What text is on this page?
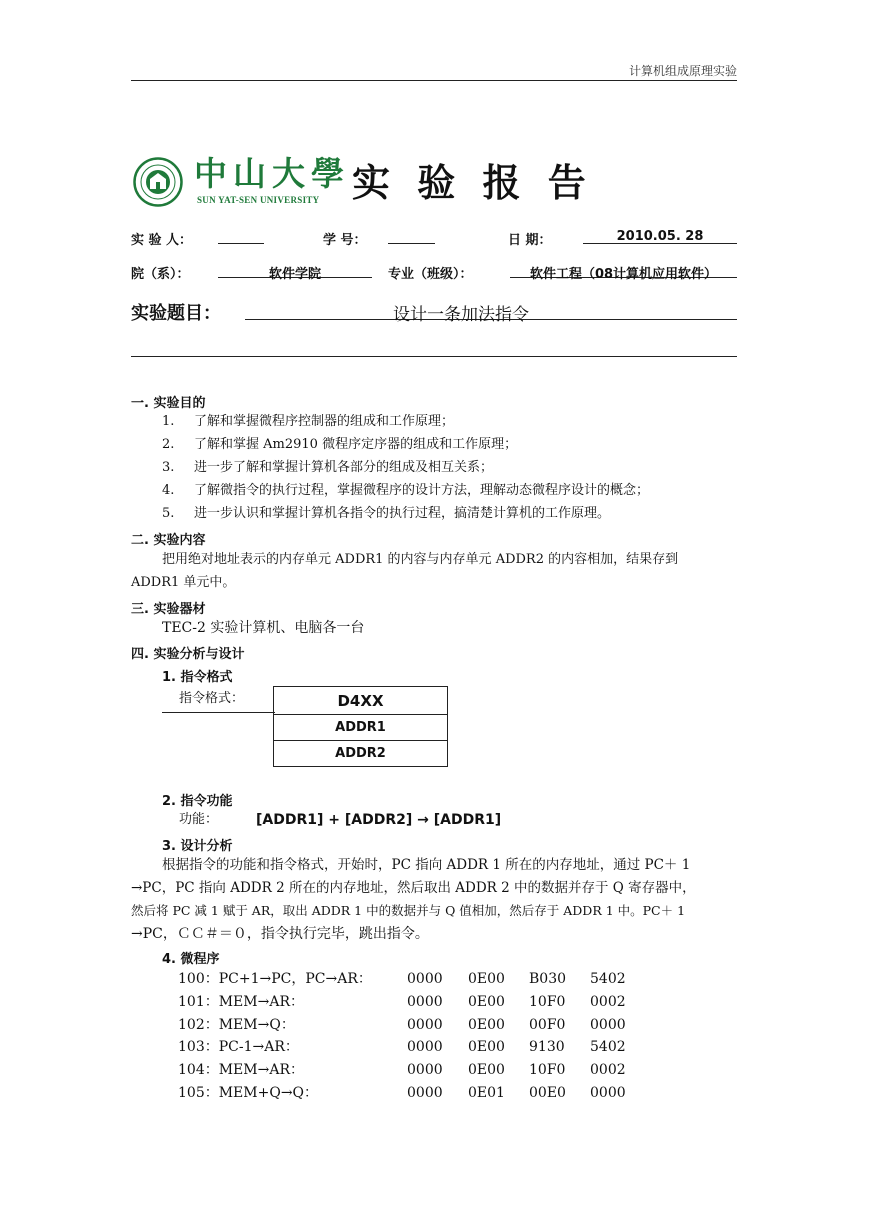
计算机组成原理实验
中山大學
SUN YAT-SEN UNIVERSITY 实 验 报 告
实 验 人：	学 号：	日 期：	2010.05. 28
院（系）：	软件学院	专业（班级）：	软件工程（08计算机应用软件）
实验题目：	设计一条加法指令
一. 实验目的
1. 了解和掌握微程序控制器的组成和工作原理；
2. 了解和掌握 Am2910 微程序定序器的组成和工作原理；
3. 进一步了解和掌握计算机各部分的组成及相互关系；
4. 了解微指令的执行过程，掌握微程序的设计方法，理解动态微程序设计的概念；
5. 进一步认识和掌握计算机各指令的执行过程，搞清楚计算机的工作原理。
二. 实验内容
把用绝对地址表示的内存单元 ADDR1 的内容与内存单元 ADDR2 的内容相加，结果存到
ADDR1 单元中。
三. 实验器材
TEC-2 实验计算机、电脑各一台
四. 实验分析与设计
1. 指令格式
指令格式：	D4XX
ADDR1
ADDR2
2. 指令功能
功能：	[ADDR1] + [ADDR2] → [ADDR1]
3. 设计分析
根据指令的功能和指令格式，开始时，PC 指向 ADDR 1 所在的内存地址，通过 PC＋ 1
→PC，PC 指向 ADDR 2 所在的内存地址，然后取出 ADDR 2 中的数据并存于 Q 寄存器中，
然后将 PC 减 1 赋于 AR，取出 ADDR 1 中的数据并与 Q 值相加，然后存于 ADDR 1 中。PC＋ 1
→PC，ＣＣ＃＝０，指令执行完毕，跳出指令。
4. 微程序
100：PC+1→PC，PC→AR：	0000 0E00 B030 5402
101：MEM→AR：	0000 0E00 10F0 0002
102：MEM→Q：	0000 0E00 00F0 0000
103：PC-1→AR：	0000 0E00 9130 5402
104：MEM→AR：	0000 0E00 10F0 0002
105：MEM+Q→Q：	0000 0E01 00E0 0000
